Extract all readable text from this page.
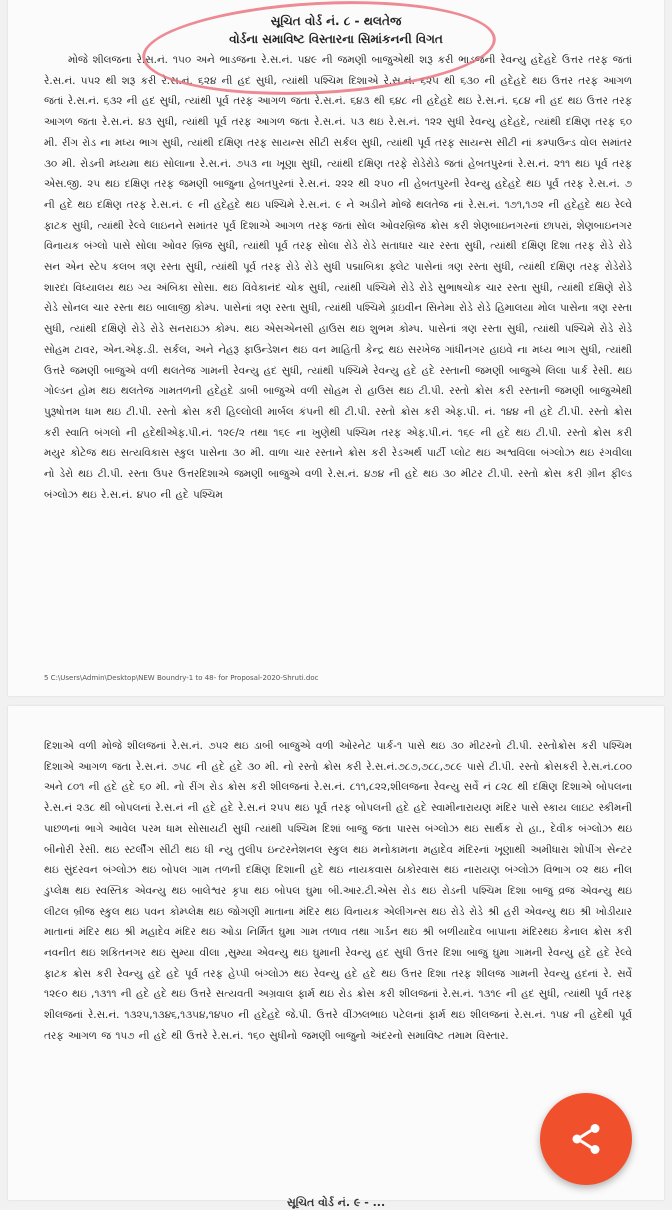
સૂચિત વોર્ડ નં. ૮ - થલતેજ
વોર્ડના સમાવિષ્ટ વિસ્તારના સિમાંકનની વિગત

મોજે શીલજના રે.સ.નં. ૧૫૦ અને ભાડજના રે.સ.નં. ૫૪૯ ની જમણી બાજુએથી શરૂ કરી ભાડજની રેવન્યુ હદેહદે ઉત્તર તરફ જતાં રે.સ.નં. ૫૫૨ થી શરૂ કરી રે.સ.નં. ૬૨૪ ની હદ સુધી, ત્યાંથી પશ્ચિમ દિશાએ રે.સ.નં. ૬૨૫ થી ૬૩૦ ની હદેહદે થઇ ઉત્તર તરફ આગળ જતાં રે.સ.નં. ૬૩૨ ની હદ સુધી, ત્યાંથી પૂર્વ તરફ આગળ જતા રે.સ.નં. ૬૪૩ થી ૬૪૮ ની હદેહદે થઇ રે.સ.નં. ૬૮૪ ની હદ થઇ ઉત્તર તરફ આગળ જતા રે.સ.નં. ૪૩ સુધી, ત્યાંથી પૂર્વ તરફ આગળ જતા રે.સ.નં. ૫૩ થઇ રે.સ.નં. ૧૨૨ સુધી રેવન્યુ હદેહદે, ત્યાંથી દક્ષિણ તરફ ૬૦ મી. રીંગ રોડ ના મધ્ય ભાગ સુધી, ત્યાંથી દક્ષિણ તરફ સાયન્સ સીટી સર્કલ સુધી, ત્યાંથી પૂર્વ તરફ સાયન્સ સીટી નાં કમ્પાઉન્ડ વોલ સમાંતર ૩૦ મી. રોડની મધ્યમા થઇ સોલાના રે.સ.નં. ૭૫૩ ના ખૂણા સુધી, ત્યાંથી દક્ષિણ તરફે રોડેરોડે જતાં હેબતપુરનાં રે.સ.નં. ૨૧૧ થઇ પૂર્વ તરફ એસ.જી. ૨૫ થઇ દક્ષિણ તરફ જમણી બાજુના હેબતપુરનાં રે.સ.નં. ૨૨૨ થી ૨૫૦ ની હેબતપુરની રેવન્યુ હદેહદે થઇ પૂર્વ તરફ રે.સ.નં. ૭ ની હદે થઇ દક્ષિણ તરફ રે.સ.નં. ૯ ની હદેહદે થઇ પશ્ચિમે રે.સ.નં. ૯ ને અડીને મોજે થલતેજ નાં રે.સ.નં. ૧૭૧,૧૭૨ ની હદેહદે થઇ રેલ્વે ફાટક સુધી, ત્યાંથી રેલ્વે લાઇનને સમાંતર પૂર્વ દિશાએ આગળ તરફ જતાં સોલ ઓવરબ્રિજ ક્રોસ કરી શેણબાઇનગરનાં છાપરાં, શેણબાઇનગર વિનાયક બંગ્લો પાસે સોલા ઓવર બ્રિજ સુધી, ત્યાંથી પૂર્વ તરફ સોલા રોડે રોડે સતાધાર ચાર રસ્તા સુધી, ત્યાંથી દક્ષિણ દિશા તરફ રોડે રોડે સન એન સ્ટેપ કલબ ત્રણ રસ્તા સુધી, ત્યાંથી પૂર્વ તરફ રોડે રોડે સુધી પદ્માબિકા ફ્લેટ પાસેનાં ત્રણ રસ્તા સુધી, ત્યાંથી દક્ષિણ તરફ રોડેરોડે શારદા વિધ્યાલય થઇ ગ્ય અંબિકા સોસા. થઇ વિવેકાનંદ ચોક સુધી, ત્યાંથી પશ્ચિમે રોડે રોડે સુભાષચોક ચાર રસ્તા સુધી, ત્યાંથી દક્ષિણે રોડે રોડે સોનલ ચાર રસ્તા થઇ બાલાજી કોમ્પ. પાસેનાં ત્રણ રસ્તા સુધી, ત્યાંથી પશ્ચિમે ડ્રાઇવીન સિનેમા રોડે રોડે હિમાલયા મોલ પાસેના ત્રણ રસ્તા સુધી, ત્યાંથી દક્ષિણે રોડે રોડે સનરાઇઝ કોમ્પ. થઇ એસએનસી હાઉસ થઇ શુભમ કોમ્પ. પાસેનાં ત્રણ રસ્તા સુધી, ત્યાંથી પશ્ચિમે રોડે રોડે સોહમ ટાવર, એન.એફ.ડી. સર્કલ, અને નેહરૂ ફાઉન્ડેશન થઇ વન માહિતી કેન્દ્ર થઇ સરખેજ ગાંધીનગર હાઇવે ના મધ્ય ભાગ સુધી, ત્યાંથી ઉત્તરે જમણી બાજુએ વળી થલતેજ ગામની રેવન્યુ હદ સુધી, ત્યાંથી પશ્ચિમે રેવન્યુ હદે હદે રસ્તાની જમણી બાજુએ લિલા પાર્ક રેસી. થઇ ગોલ્ડન હોમ થઇ થલતેજ ગામતળની હદેહદે ડાબી બાજુએ વળી સોહમ રો હાઉસ થઇ ટી.પી. રસ્તો ક્રોસ કરી રસ્તાની જમણી બાજુએથી પુરૂષોત્તમ ધામ થઇ ટી.પી. રસ્તો ક્રોસ કરી હિલ્લોલી માર્બલ કંપની થી ટી.પી. રસ્તો ક્રોસ કરી એફ.પી. નં. ૧૪૪ ની હદે ટી.પી. રસ્તો ક્રોસ કરી સ્વાતિ બંગલો ની હદેથીએફ.પી.નં. ૧૨૯/૨ તથા ૧૬૯ ના ખુણેથી પશ્ચિમ તરફ એફ.પી.નં. ૧૬૯ ની હદે થઇ ટી.પી. રસ્તો ક્રોસ કરી મયુર કોટેજ થઇ સત્યવિકાસ સ્કુલ પાસેના ૩૦ મી. વાળા ચાર રસ્તાને ક્રોસ કરી રેડઅર્થ પાર્ટી પ્લોટ થઇ અશ્વવિલા બંગ્લોઝ થઇ રંગવીલા નો ડેરો થઇ ટી.પી. રસ્તા ઉપર ઉત્તરદિશાએ જમણી બાજુએ વળી રે.સ.નં. ૪૭૪ ની હદે થઇ ૩૦ મીટર ટી.પી. રસ્તો ક્રોસ કરી ગ્રીન ફીલ્ડ બંગ્લોઝ થઇ રે.સ.નં. ૪૫૦ ની હદે પશ્ચિમ

5 C:\Users\Admin\Desktop\NEW Boundry-1 to 48- for Proposal-2020-Shruti.doc

દિશાએ વળી મોજે શીલજનાં રે.સ.નં. ૭૫૨ થઇ ડાબી બાજુએ વળી ઓરનેટ પાર્ક-૧ પાસે થઇ ૩૦ મીટરનો ટી.પી. રસ્તોક્રોસ કરી પશ્ચિમ દિશાએ આગળ જતા રે.સ.નં. ૭૫૮ ની હદે હદે ૩૦ મી. નો રસ્તો ક્રોસ કરી રે.સ.નં.૭૮૭,૭૮૮,૭૮૯ પાસે ટી.પી. રસ્તો ક્રોસકરી રે.સ.નં.૮૦૦ અને ૮૦૧ ની હદે હદે ૬૦ મી. નો રીંગ રોડ ક્રોસ કરી શીલજનાં રે.સ.નં. ૮૧૧,૮૨૨,શીલજના રેવન્યુ સર્વે નં ૮૨૮ થી દક્ષિણ દિશાએ બોપલના રે.સ.નં ૨૩૮ થી બોપલનાં રે.સ.નં ની હદે હદે રે.સ.નં ૨૫૫ થઇ પૂર્વ તરફ બોપલની હદે હદે સ્વામીનારાયણ મંદિર પાસે સ્કાય લાઇટ સ્કીમની પાછળનાં ભાગે આવેલ પરમ ધામ સોસાયટી સુધી ત્યાંથી પશ્ચિમ દિશાં બાજુ જતા પારસ બંગ્લોઝ થઇ સાર્થક રો હા., દેવીક બંગ્લોઝ થઇ બીનોરી રેસી. થઇ સ્ટર્લીંગ સીટી થઇ ધી ન્યુ તુલીપ ઇન્ટરનેશનલ સ્કુલ થઇ મનોકામના મહાદેવ મંદિરનાં ખૂણાથી અમીધારા શોપીંગ સેન્ટર થઇ સુંદરવન બંગ્લોઝ થઇ બોપલ ગામ તળની દક્ષિણ દિશાની હદે થઇ નાયકવાસ ઠાકોરવાસ થઇ નારાયણ બંગ્લોઝ વિભાગ ૦૨ થઇ નીલ ડુપ્લેક્ષ થઇ સ્વસ્તિક એવન્યુ થઇ બાલેશ્વર કૃપા થઇ બોપલ ઘુમા બી.આર.ટી.એસ રોડ થઇ રોડની પશ્ચિમ દિશા બાજુ વ્રજ એવન્યુ થઇ લીટલ બ્રીજ સ્કુલ થઇ પવન કોમ્પ્લેક્ષ થઇ જોગણી માતાના મંદિર થઇ વિનાયક એલીગન્સ થઇ રોડે રોડે શ્રી હરી એવન્યુ થઇ શ્રી ખોડીયાર માતાનાં મંદિર થઇ શ્રી મહાદેવ મંદિર થઇ ઓડા નિર્મિત ઘુમા ગામ તળાવ તથા ગાર્ડન થઇ શ્રી બળીયાદેવ બાપાના મંદિરથઇ કેનાલ ક્રોસ કરી નવનીત થઇ શકિતનગર થઇ સુમ્યા વીલા ,સુમ્યા એવન્યુ થઇ ઘુમાની રેવન્યુ હદ સુધી ઉત્તર દિશા બાજુ ઘુમા ગામની રેવન્યુ હદે હદે રેલ્વે ફાટક ક્રોસ કરી રેવન્યુ હદે હદે પૂર્વ તરફ હેપ્પી બંગ્લોઝ થઇ રેવન્યુ હદે હદે થઇ ઉત્તર દિશા તરફ શીલજ ગામની રેવન્યુ હદનાં રે. સર્વે ૧૨૯૦ થઇ ,૧૩૧૧ ની હદે હદે થઇ ઉત્તરે સત્યવતી અગ્રવાલ ફાર્મ થઇ રોડ ક્રોસ કરી શીલજનાં રે.સ.નં. ૧૩૧૯ ની હદ સુધી, ત્યાંથી પૂર્વ તરફ શીલજનાં રે.સ.નં. ૧૩૨૫,૧૩૪૬,૧૩૫૪,૧૪૫૦ ની હદેહદે જે.પી. ઉત્તરે વીંઝલભાઇ પટેલનાં ફાર્મ થઇ શીલજનાં રે.સ.નં. ૧૫૪ ની હદેથી પૂર્વ તરફ આગળ જ ૧૫૭ ની હદે થી ઉત્તરે રે.સ.નં. ૧૬૦ સુધીનો જમણી બાજુનો અંદરનો સમાવિષ્ટ તમામ વિસ્તાર.

સૂચિત વોર્ડ નં. ૯ - ...
